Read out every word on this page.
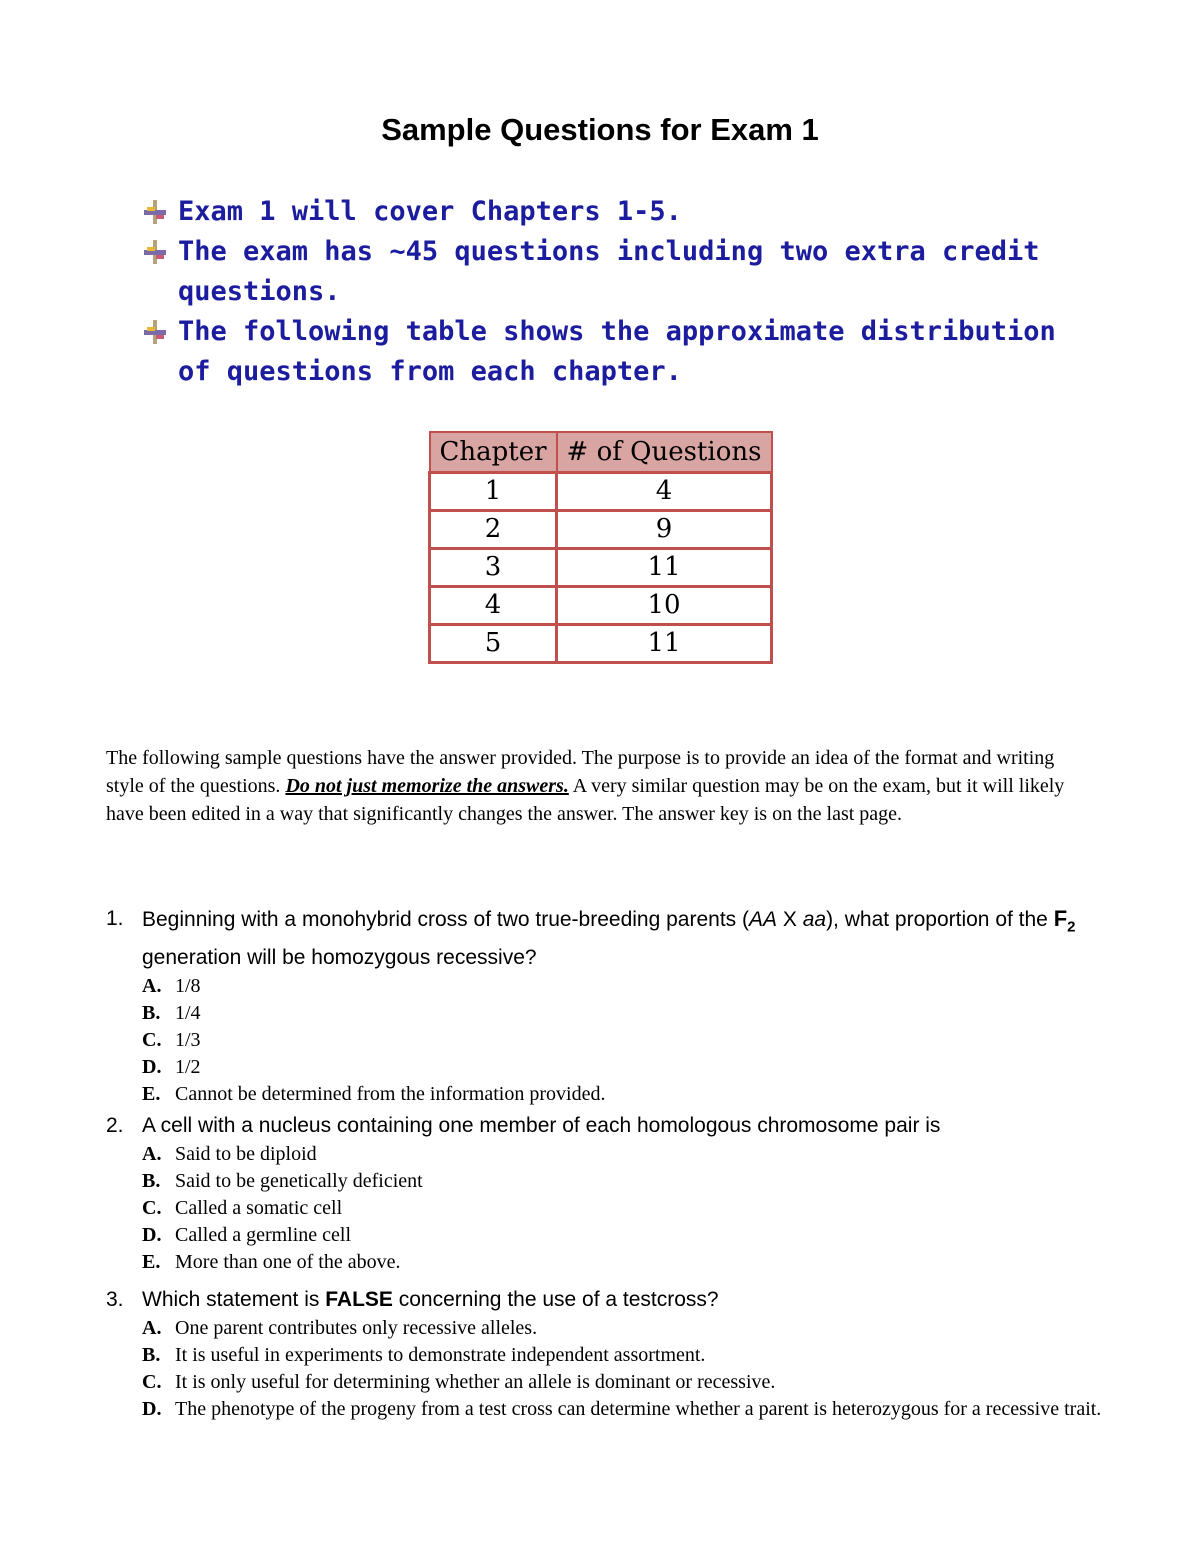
Sample Questions for Exam 1
Exam 1 will cover Chapters 1-5.
The exam has ~45 questions including two extra credit questions.
The following table shows the approximate distribution of questions from each chapter.
Chapter	# of Questions
1	4
2	9
3	11
4	10
5	11
The following sample questions have the answer provided. The purpose is to provide an idea of the format and writing style of the questions. Do not just memorize the answers. A very similar question may be on the exam, but it will likely have been edited in a way that significantly changes the answer. The answer key is on the last page.
1. Beginning with a monohybrid cross of two true-breeding parents (AA X aa), what proportion of the $F_2$ generation will be homozygous recessive?
A. 1/8
B. 1/4
C. 1/3
D. 1/2
E. Cannot be determined from the information provided.
2. A cell with a nucleus containing one member of each homologous chromosome pair is
A. Said to be diploid
B. Said to be genetically deficient
C. Called a somatic cell
D. Called a germline cell
E. More than one of the above.
3. Which statement is FALSE concerning the use of a testcross?
A. One parent contributes only recessive alleles.
B. It is useful in experiments to demonstrate independent assortment.
C. It is only useful for determining whether an allele is dominant or recessive.
D. The phenotype of the progeny from a test cross can determine whether a parent is heterozygous for a recessive trait.
